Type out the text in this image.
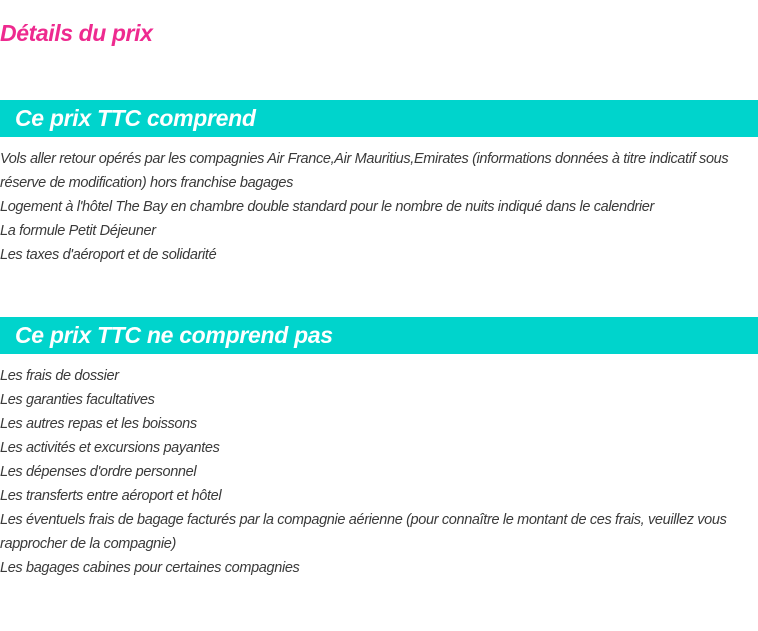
Détails du prix
Ce prix TTC comprend
Vols aller retour opérés par les compagnies Air France,Air Mauritius,Emirates (informations données à titre indicatif sous réserve de modification) hors franchise bagages
Logement à l'hôtel The Bay en chambre double standard pour le nombre de nuits indiqué dans le calendrier
La formule Petit Déjeuner
Les taxes d'aéroport et de solidarité
Ce prix TTC ne comprend pas
Les frais de dossier
Les garanties facultatives
Les autres repas et les boissons
Les activités et excursions payantes
Les dépenses d'ordre personnel
Les transferts entre aéroport et hôtel
Les éventuels frais de bagage facturés par la compagnie aérienne (pour connaître le montant de ces frais, veuillez vous rapprocher de la compagnie)
Les bagages cabines pour certaines compagnies
